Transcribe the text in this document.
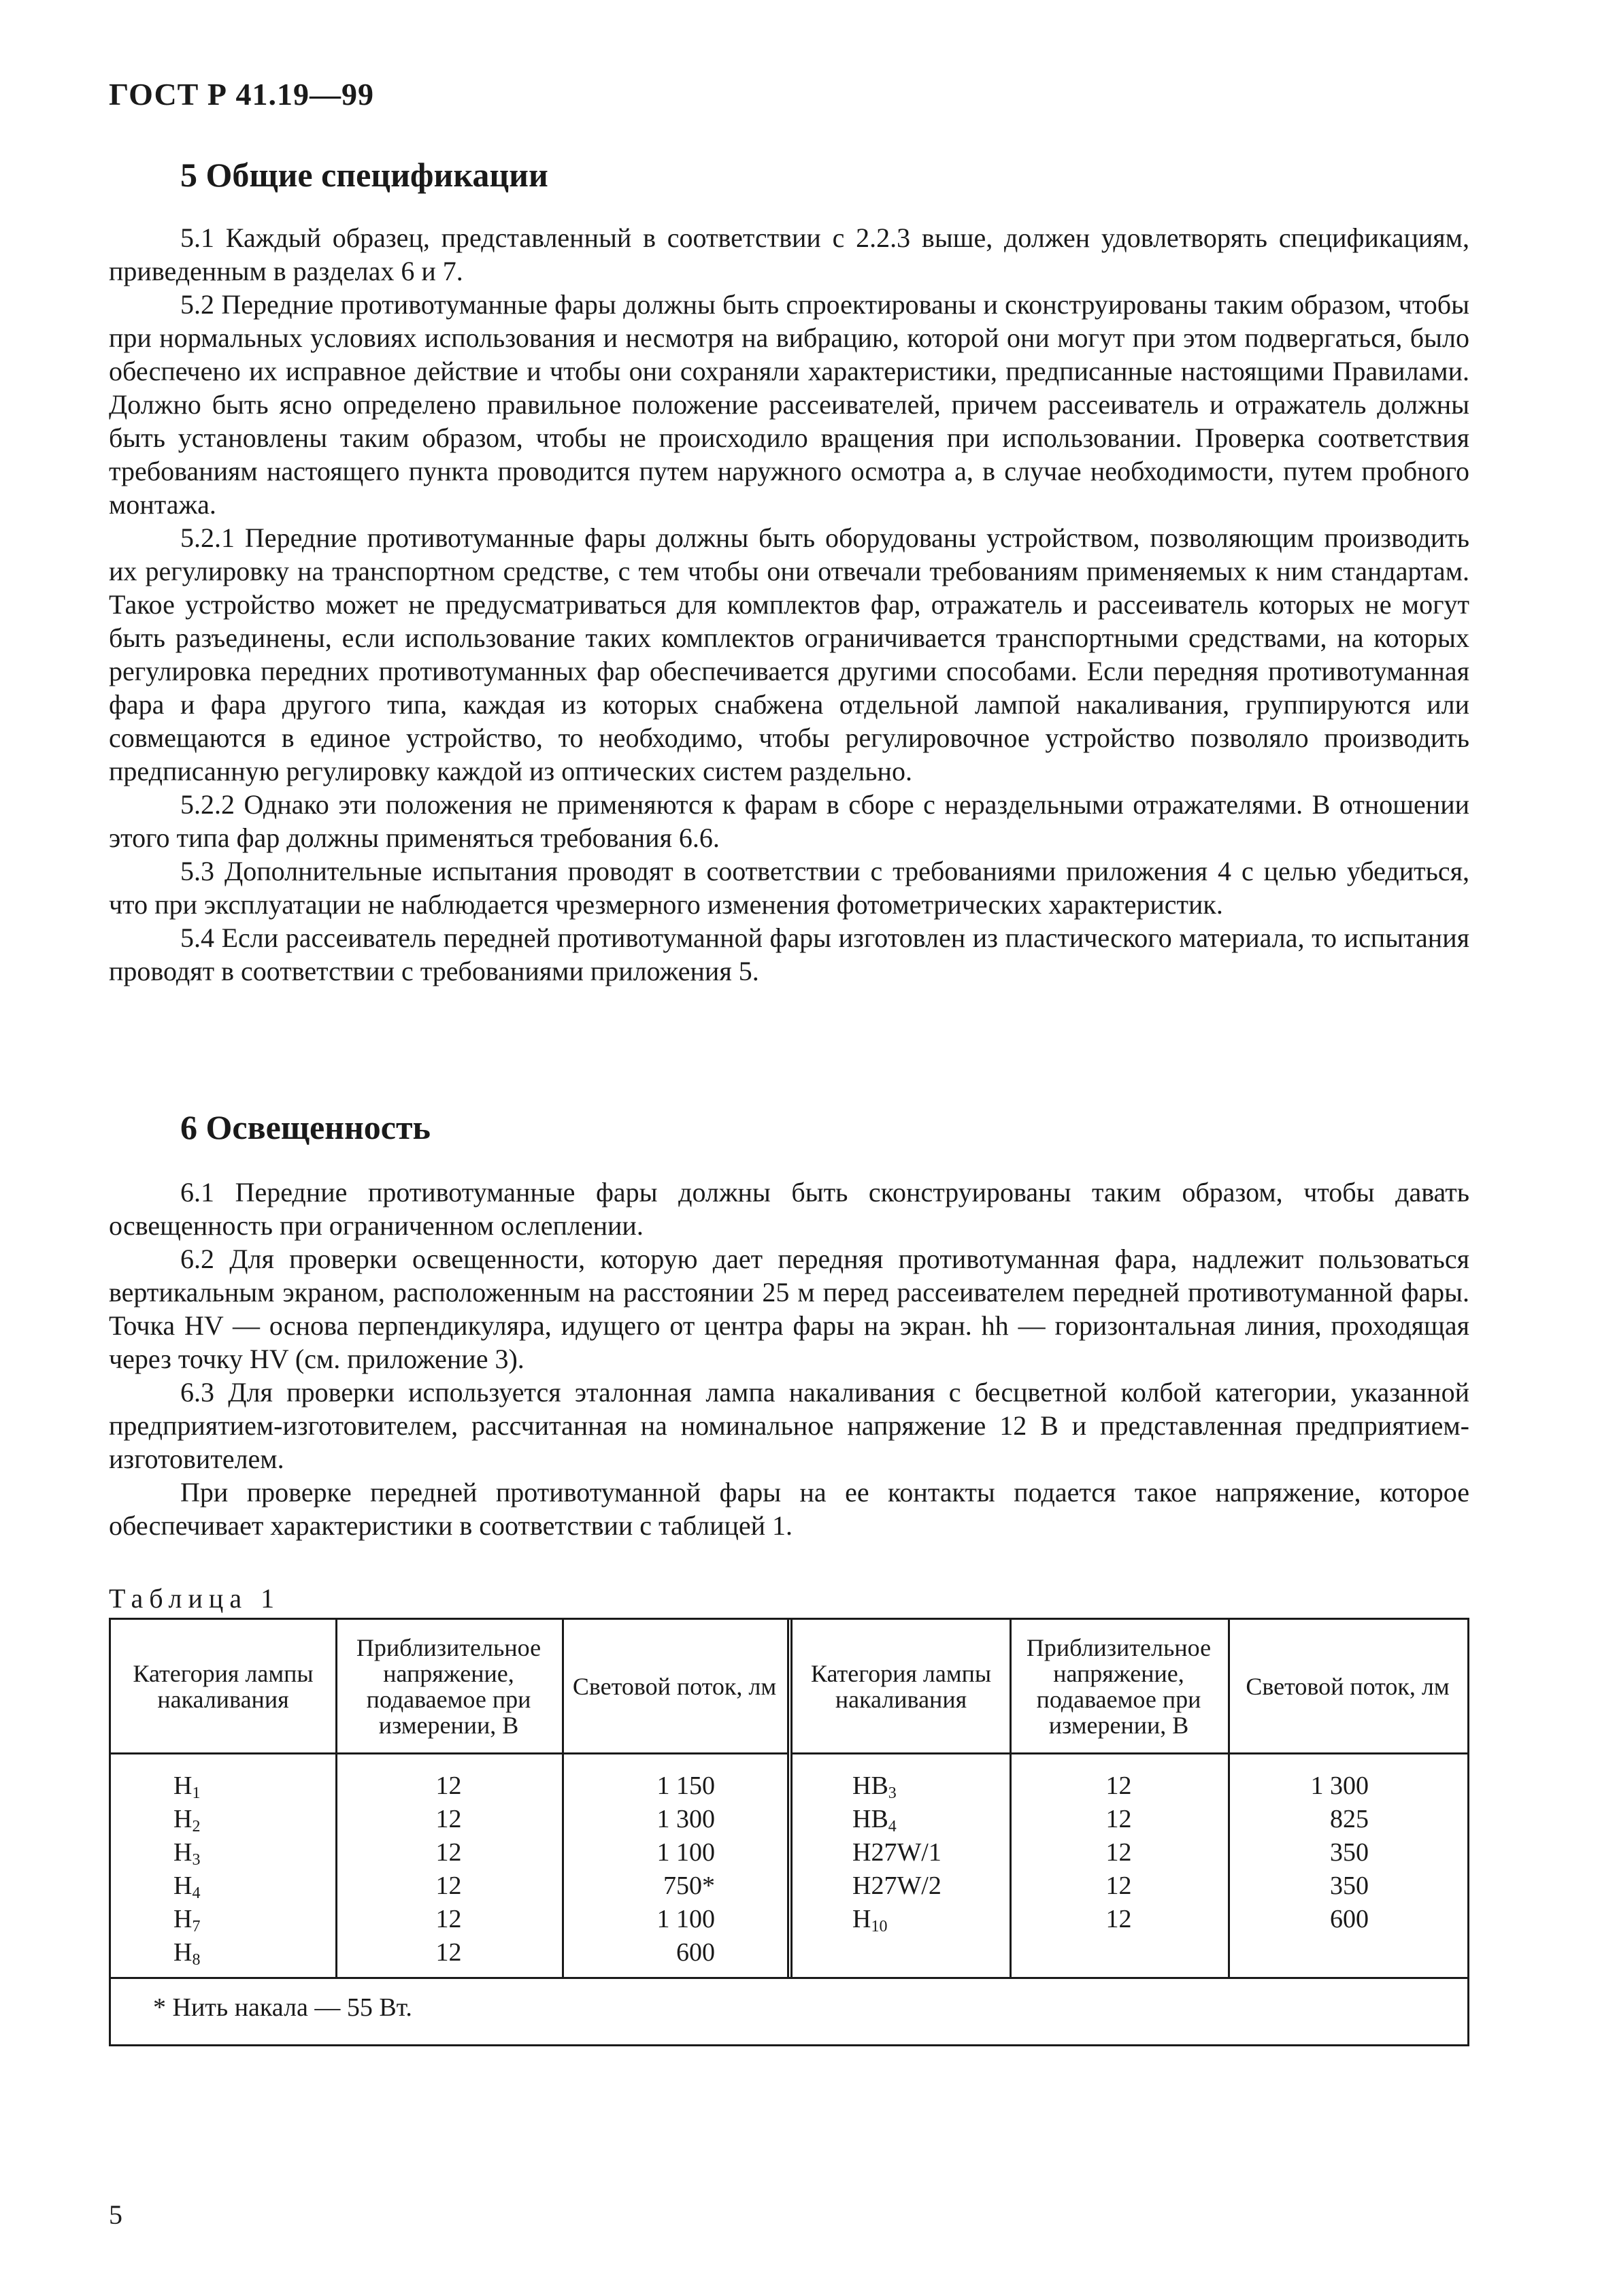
ГОСТ Р 41.19—99
5 Общие спецификации

5.1 Каждый образец, представленный в соответствии с 2.2.3 выше, должен удовлетворять спецификациям, приведенным в разделах 6 и 7.

5.2 Передние противотуманные фары должны быть спроектированы и сконструированы таким образом, чтобы при нормальных условиях использования и несмотря на вибрацию, которой они могут при этом подвергаться, было обеспечено их исправное действие и чтобы они сохраняли характеристики, предписанные настоящими Правилами. Должно быть ясно определено правильное положение рассеивателей, причем рассеиватель и отражатель должны быть установлены таким образом, чтобы не происходило вращения при использовании. Проверка соответствия требованиям настоящего пункта проводится путем наружного осмотра а, в случае необходимости, путем пробного монтажа.

5.2.1 Передние противотуманные фары должны быть оборудованы устройством, позволяющим производить их регулировку на транспортном средстве, с тем чтобы они отвечали требованиям применяемых к ним стандартам. Такое устройство может не предусматриваться для комплектов фар, отражатель и рассеиватель которых не могут быть разъединены, если использование таких комплектов ограничивается транспортными средствами, на которых регулировка передних противотуманных фар обеспечивается другими способами. Если передняя противотуманная фара и фара другого типа, каждая из которых снабжена отдельной лампой накаливания, группируются или совмещаются в единое устройство, то необходимо, чтобы регулировочное устройство позволяло производить предписанную регулировку каждой из оптических систем раздельно.

5.2.2 Однако эти положения не применяются к фарам в сборе с нераздельными отражателями. В отношении этого типа фар должны применяться требования 6.6.

5.3 Дополнительные испытания проводят в соответствии с требованиями приложения 4 с целью убедиться, что при эксплуатации не наблюдается чрезмерного изменения фотометрических характеристик.

5.4 Если рассеиватель передней противотуманной фары изготовлен из пластического материала, то испытания проводят в соответствии с требованиями приложения 5.

6 Освещенность

6.1 Передние противотуманные фары должны быть сконструированы таким образом, чтобы давать освещенность при ограниченном ослеплении.

6.2 Для проверки освещенности, которую дает передняя противотуманная фара, надлежит пользоваться вертикальным экраном, расположенным на расстоянии 25 м перед рассеивателем передней противотуманной фары. Точка HV — основа перпендикуляра, идущего от центра фары на экран. hh — горизонтальная линия, проходящая через точку HV (см. приложение 3).

6.3 Для проверки используется эталонная лампа накаливания с бесцветной колбой категории, указанной предприятием-изготовителем, рассчитанная на номинальное напряжение 12 В и представленная предприятием-изготовителем.

При проверке передней противотуманной фары на ее контакты подается такое напряжение, которое обеспечивает характеристики в соответствии с таблицей 1.

Таблица 1
Категория лампы накаливания
Приблизительное напряжение, подаваемое при измерении, В
Световой поток, лм	Категория лампы накаливания
Приблизительное напряжение, подаваемое при измерении, В
Световой поток, лм
$H_1$
$H_2$
$H_3$
$H_4$
$H_7$
$H_8$
12
12
12
12
12
12
1 150
1 300
1 100
750*
1 100
600
$HB_3$
$HB_4$
H27W/1
H27W/2
$H_{10}$
12
12
12
12
12
1 300
825
350
350
600
* Нить накала — 55 Вт.
5
